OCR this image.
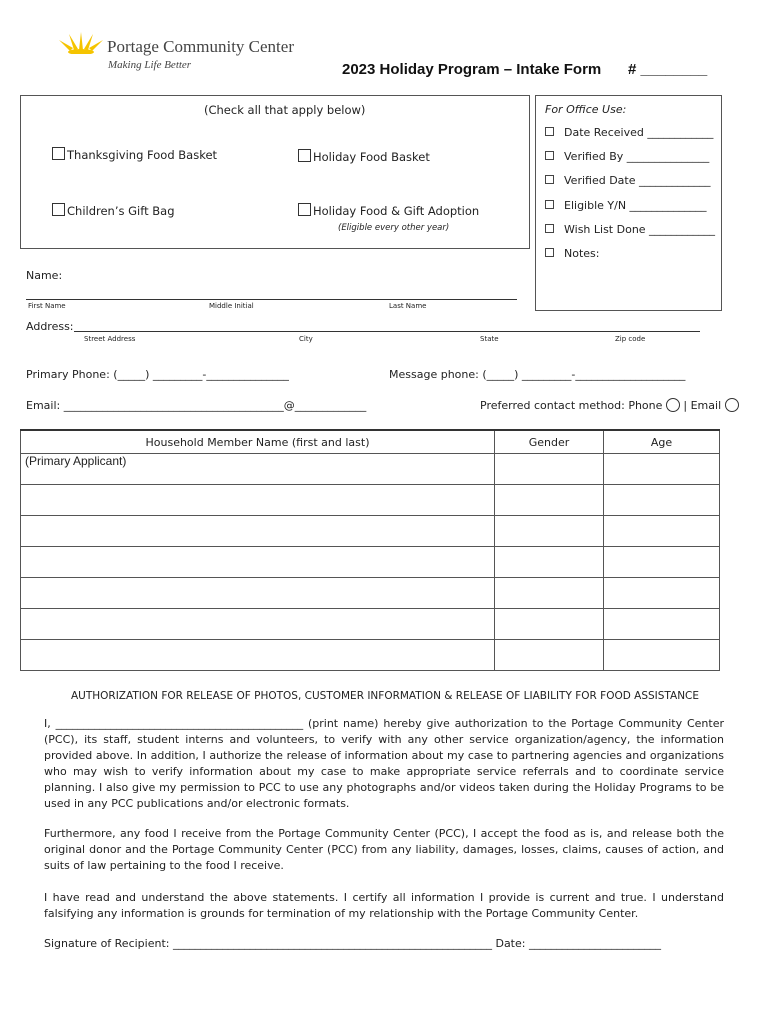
Portage Community Center
Making Life Better	2023 Holiday Program – Intake Form # ________
(Check all that apply below)
Thanksgiving Food Basket	Holiday Food Basket
Children’s Gift Bag	Holiday Food & Gift Adoption
(Eligible every other year)
For Office Use:
Date Received ____________
Verified By _______________
Verified Date _____________
Eligible Y/N ______________
Wish List Done ____________
Notes:
Name:
First Name	Middle Initial	Last Name
Address:
Street Address	City	State	Zip code
Primary Phone: (_____) _________-_______________	Message phone: (_____) _________-____________________
Email: ________________________________________@_____________	Preferred contact method: Phone | Email
Household Member Name (first and last)	Gender	Age
(Primary Applicant)		

AUTHORIZATION FOR RELEASE OF PHOTOS, CUSTOMER INFORMATION & RELEASE OF LIABILITY FOR FOOD ASSISTANCE
I, _____________________________________________ (print name) hereby give authorization to the Portage Community Center (PCC), its staff, student interns and volunteers, to verify with any other service organization/agency, the information provided above. In addition, I authorize the release of information about my case to partnering agencies and organizations who may wish to verify information about my case to make appropriate service referrals and to coordinate service planning. I also give my permission to PCC to use any photographs and/or videos taken during the Holiday Programs to be used in any PCC publications and/or electronic formats.
Furthermore, any food I receive from the Portage Community Center (PCC), I accept the food as is, and release both the original donor and the Portage Community Center (PCC) from any liability, damages, losses, claims, causes of action, and suits of law pertaining to the food I receive.
I have read and understand the above statements. I certify all information I provide is current and true. I understand falsifying any information is grounds for termination of my relationship with the Portage Community Center.
Signature of Recipient: __________________________________________________________ Date: ________________________
